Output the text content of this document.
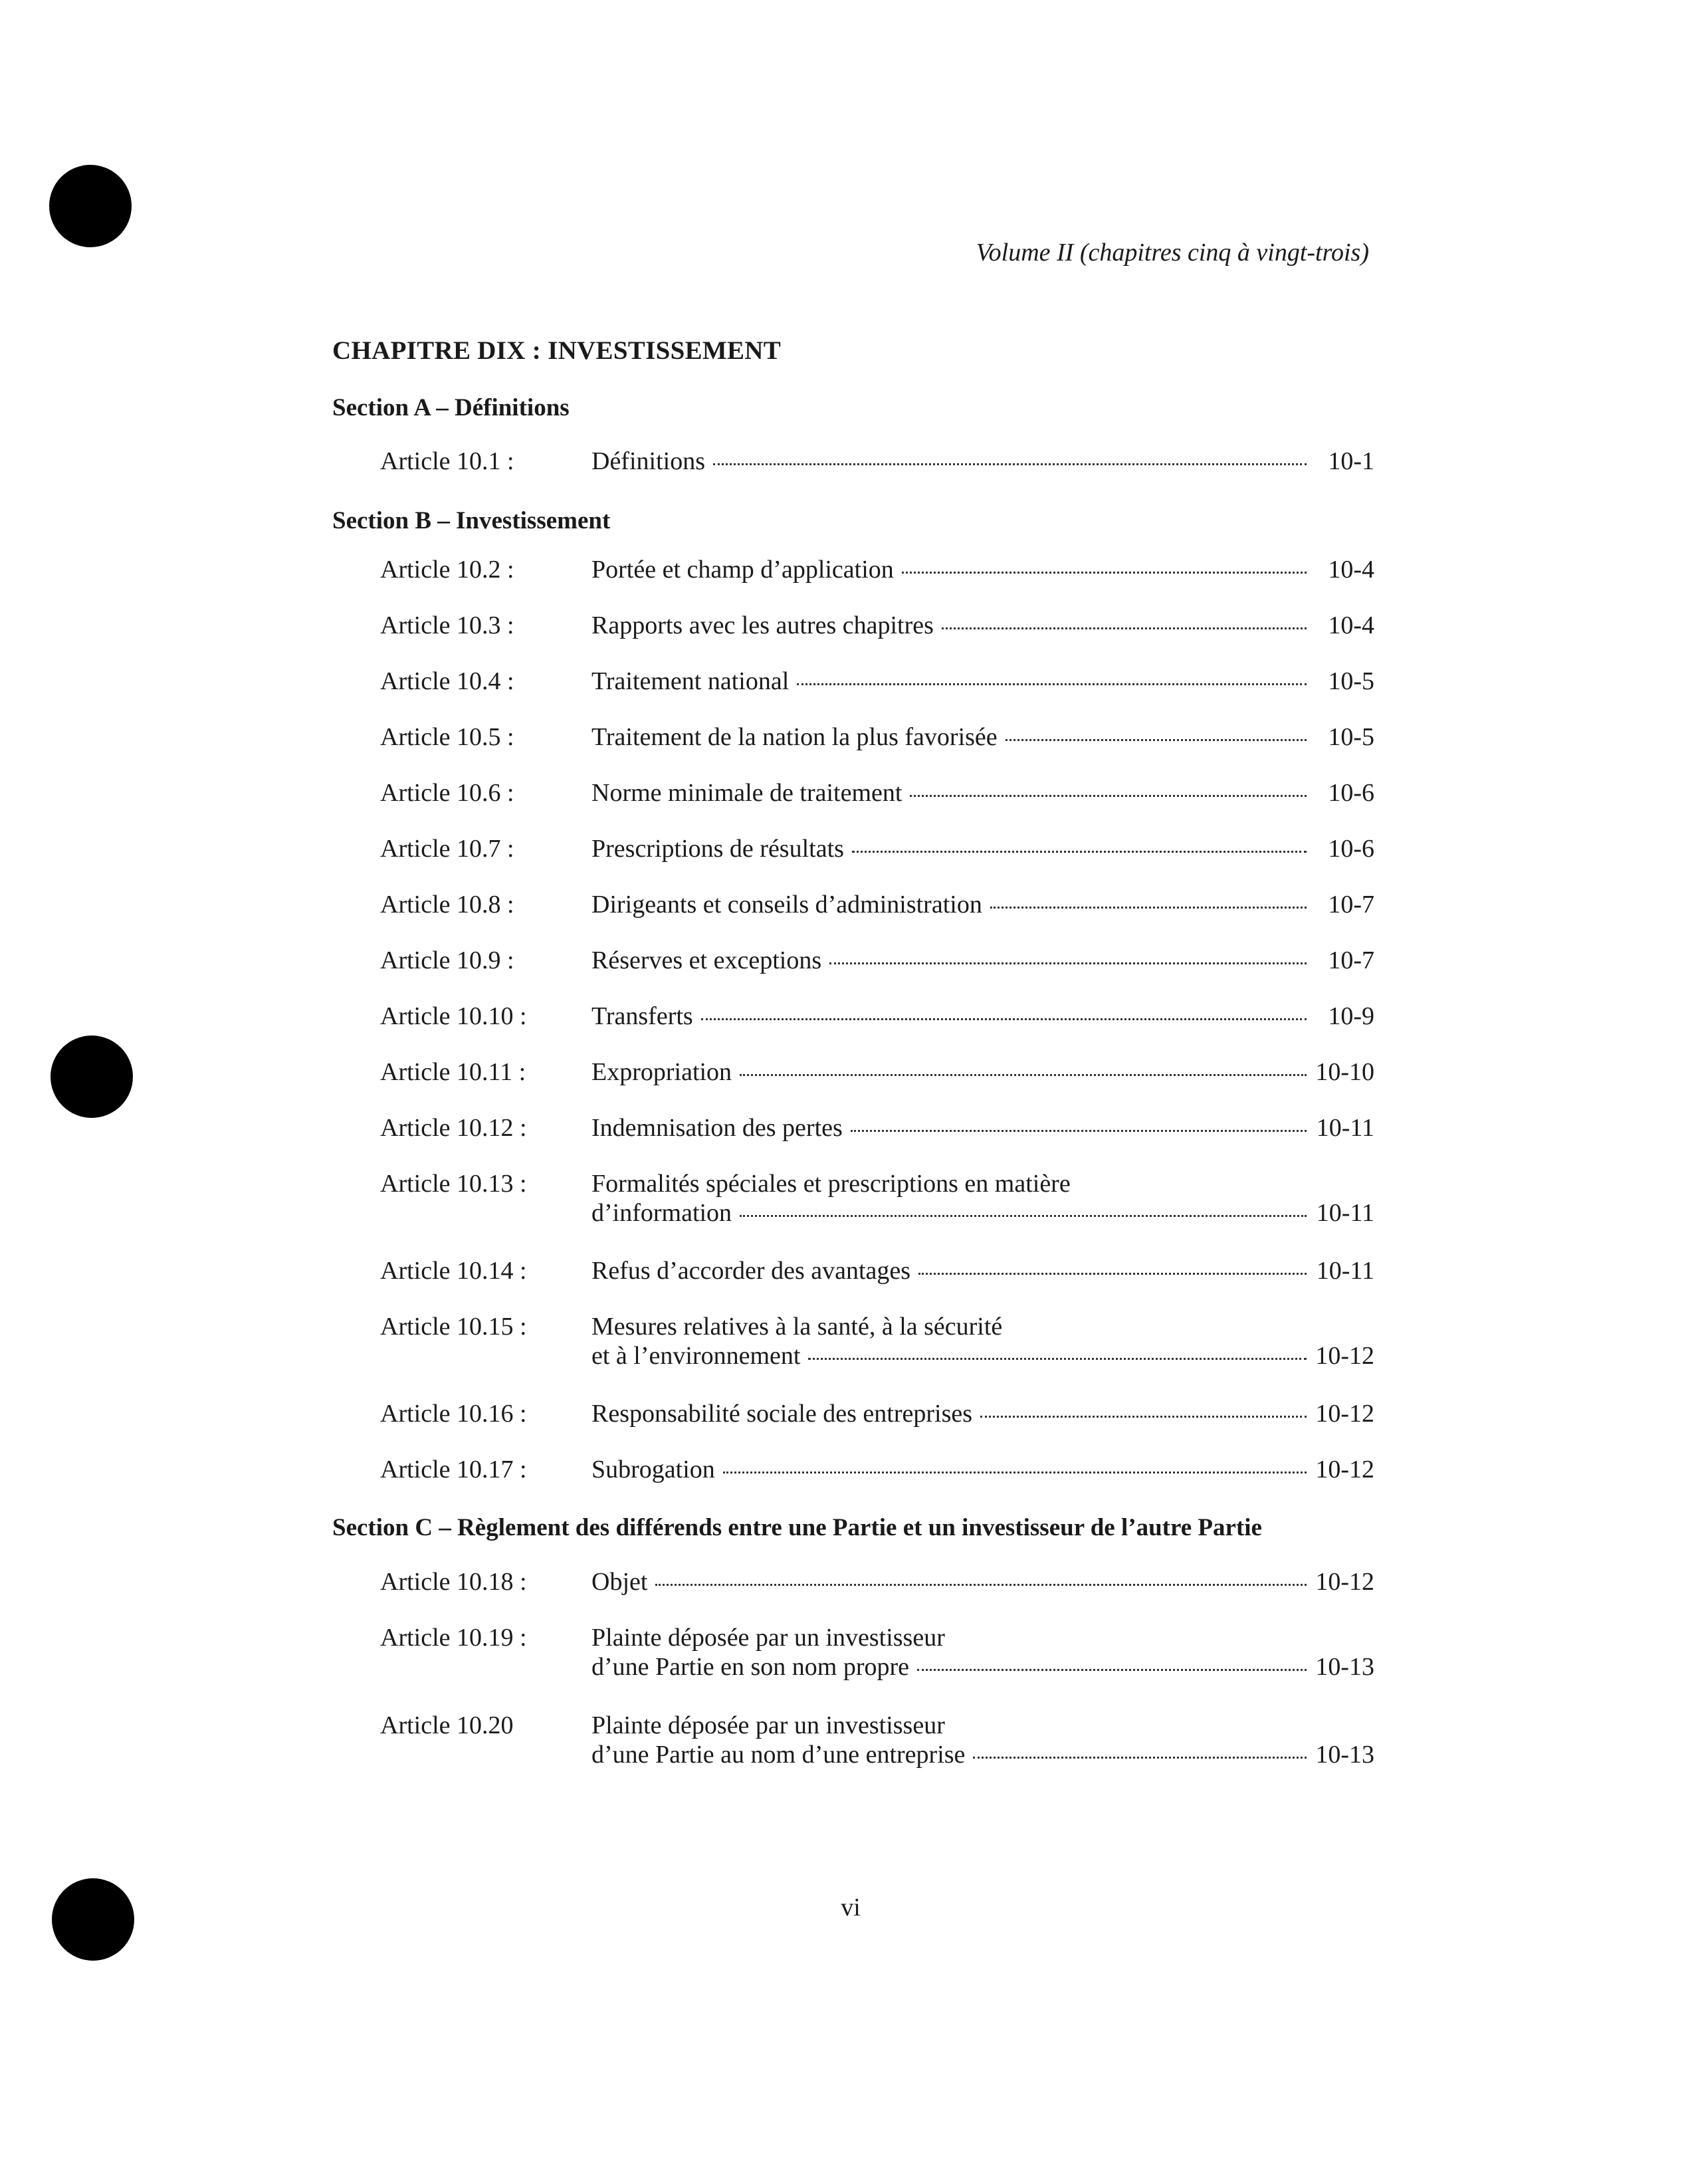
Volume II (chapitres cinq à vingt-trois)
CHAPITRE DIX : INVESTISSEMENT
Section A – Définitions
Article 10.1 :	Définitions	10-1
Section B – Investissement
Article 10.2 :	Portée et champ d’application	10-4
Article 10.3 :	Rapports avec les autres chapitres	10-4
Article 10.4 :	Traitement national	10-5
Article 10.5 :	Traitement de la nation la plus favorisée	10-5
Article 10.6 :	Norme minimale de traitement	10-6
Article 10.7 :	Prescriptions de résultats	10-6
Article 10.8 :	Dirigeants et conseils d’administration	10-7
Article 10.9 :	Réserves et exceptions	10-7
Article 10.10 :	Transferts	10-9
Article 10.11 :	Expropriation	10-10
Article 10.12 :	Indemnisation des pertes	10-11
Article 10.13 :	Formalités spéciales et prescriptions en matière
d’information	10-11
Article 10.14 :	Refus d’accorder des avantages	10-11
Article 10.15 :	Mesures relatives à la santé, à la sécurité
et à l’environnement	10-12
Article 10.16 :	Responsabilité sociale des entreprises	10-12
Article 10.17 :	Subrogation	10-12
Section C – Règlement des différends entre une Partie et un investisseur de l’autre Partie
Article 10.18 :	Objet	10-12
Article 10.19 :	Plainte déposée par un investisseur
d’une Partie en son nom propre	10-13
Article 10.20	Plainte déposée par un investisseur
d’une Partie au nom d’une entreprise	10-13
vi
